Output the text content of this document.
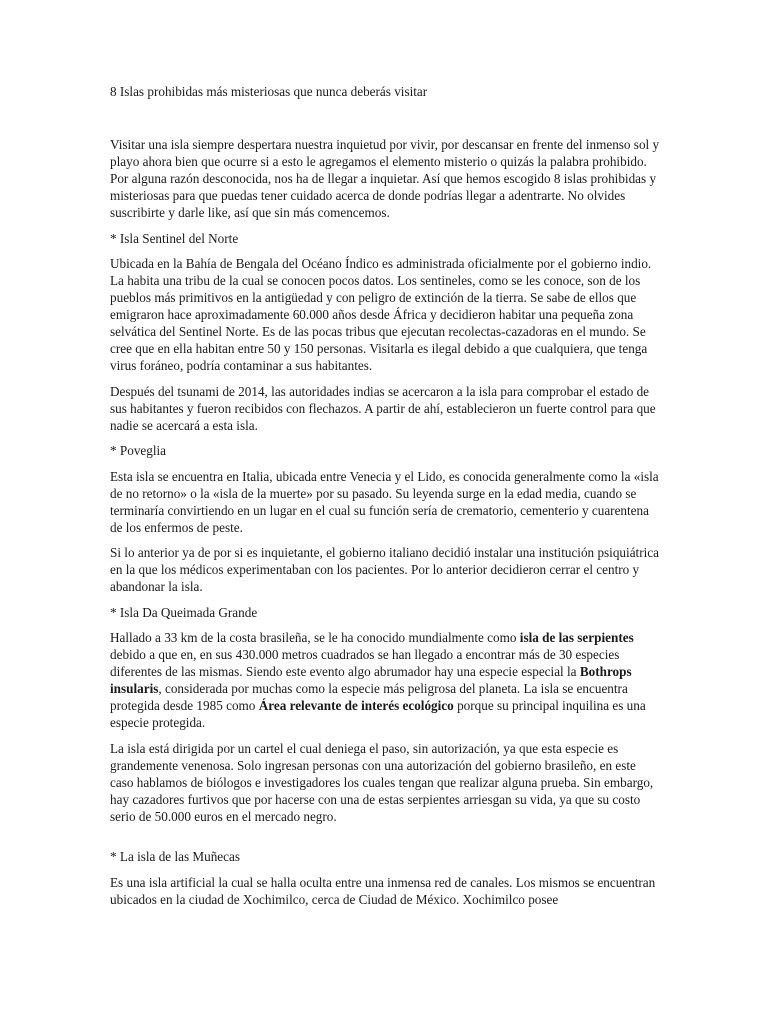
8 Islas prohibidas más misteriosas que nunca deberás visitar
Visitar una isla siempre despertara nuestra inquietud por vivir, por descansar en frente del inmenso sol y playo ahora bien que ocurre si a esto le agregamos el elemento misterio o quizás la palabra prohibido. Por alguna razón desconocida, nos ha de llegar a inquietar. Así que hemos escogido 8 islas prohibidas y misteriosas para que puedas tener cuidado acerca de donde podrías llegar a adentrarte. No olvides suscribirte y darle like, así que sin más comencemos.
* Isla Sentinel del Norte
Ubicada en la Bahía de Bengala del Océano Índico es administrada oficialmente por el gobierno indio. La habita una tribu de la cual se conocen pocos datos. Los sentineles, como se les conoce, son de los pueblos más primitivos en la antigüedad y con peligro de extinción de la tierra. Se sabe de ellos que emigraron hace aproximadamente 60.000 años desde África y decidieron habitar una pequeña zona selvática del Sentinel Norte. Es de las pocas tribus que ejecutan recolectas-cazadoras en el mundo. Se cree que en ella habitan entre 50 y 150 personas. Visitarla es ilegal debido a que cualquiera, que tenga virus foráneo, podría contaminar a sus habitantes.
Después del tsunami de 2014, las autoridades indias se acercaron a la isla para comprobar el estado de sus habitantes y fueron recibidos con flechazos. A partir de ahí, establecieron un fuerte control para que nadie se acercará a esta isla.
* Poveglia
Esta isla se encuentra en Italia, ubicada entre Venecia y el Lido, es conocida generalmente como la «isla de no retorno» o la «isla de la muerte» por su pasado. Su leyenda surge en la edad media, cuando se terminaría convirtiendo en un lugar en el cual su función sería de crematorio, cementerio y cuarentena de los enfermos de peste.
Si lo anterior ya de por si es inquietante, el gobierno italiano decidió instalar una institución psiquiátrica en la que los médicos experimentaban con los pacientes. Por lo anterior decidieron cerrar el centro y abandonar la isla.
* Isla Da Queimada Grande
Hallado a 33 km de la costa brasileña, se le ha conocido mundialmente como isla de las serpientes debido a que en, en sus 430.000 metros cuadrados se han llegado a encontrar más de 30 especies diferentes de las mismas. Siendo este evento algo abrumador hay una especie especial la Bothrops insularis, considerada por muchas como la especie más peligrosa del planeta. La isla se encuentra protegida desde 1985 como Área relevante de interés ecológico porque su principal inquilina es una especie protegida.
La isla está dirigida por un cartel el cual deniega el paso, sin autorización, ya que esta especie es grandemente venenosa. Solo ingresan personas con una autorización del gobierno brasileño, en este caso hablamos de biólogos e investigadores los cuales tengan que realizar alguna prueba. Sin embargo, hay cazadores furtivos que por hacerse con una de estas serpientes arriesgan su vida, ya que su costo serio de 50.000 euros en el mercado negro.
* La isla de las Muñecas
Es una isla artificial la cual se halla oculta entre una inmensa red de canales. Los mismos se encuentran ubicados en la ciudad de Xochimilco, cerca de Ciudad de México. Xochimilco posee
